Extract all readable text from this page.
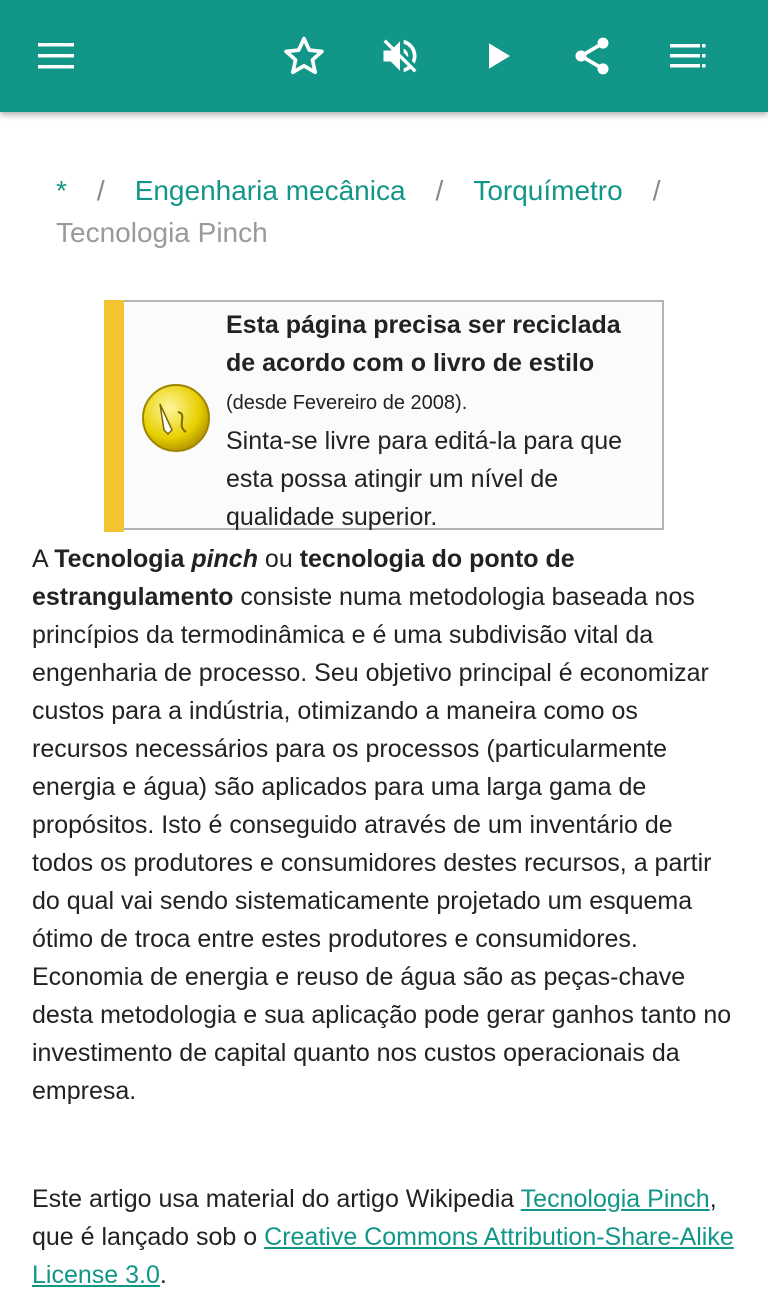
* / Engenharia mecânica / Torquímetro /
Tecnologia Pinch
Esta página precisa ser reciclada de acordo com o livro de estilo (desde Fevereiro de 2008).
Sinta-se livre para editá-la para que esta possa atingir um nível de qualidade superior.

A Tecnologia pinch ou tecnologia do ponto de estrangulamento consiste numa metodologia baseada nos princípios da termodinâmica e é uma subdivisão vital da engenharia de processo. Seu objetivo principal é economizar custos para a indústria, otimizando a maneira como os recursos necessários para os processos (particularmente energia e água) são aplicados para uma larga gama de propósitos. Isto é conseguido através de um inventário de todos os produtores e consumidores destes recursos, a partir do qual vai sendo sistematicamente projetado um esquema ótimo de troca entre estes produtores e consumidores. Economia de energia e reuso de água são as peças-chave desta metodologia e sua aplicação pode gerar ganhos tanto no investimento de capital quanto nos custos operacionais da empresa.

Este artigo usa material do artigo Wikipedia Tecnologia Pinch, que é lançado sob o Creative Commons Attribution-Share-Alike License 3.0.
